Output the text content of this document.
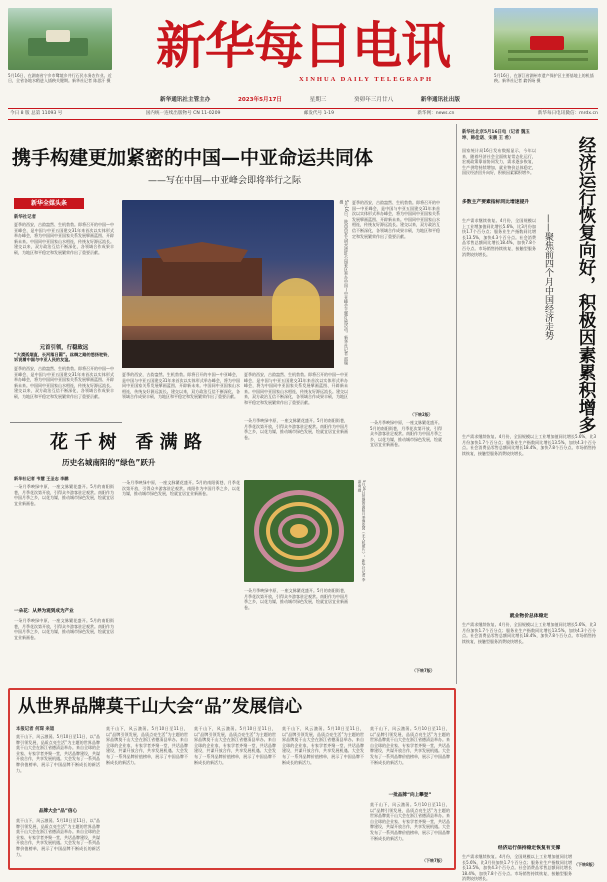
5月16日，在湖南省宁乡市鹭境乡井行石民水务农作业。近日，全省各地水稻进入插秧关键期。新华社记者 陈思汗 摄
5月16日，在浙江省湖州市遗产保护区主要基地上的机插秧。新华社记者 翁忻旸 摄
新华每日电讯
XINHUA DAILY TELEGRAPH
新华通讯社主管主办	2023年5月17日	星期三	癸卯年三月廿八	新华通讯社出版
今日 8 版 总第 11093 号	国内统一连续出版物号 CN 11-0209	邮发代号 1-19	新华网：news.cn	新华每日电讯微信：mrdx.cn
携手构建更加紧密的中国—中亚命运共同体
——写在中国—中亚峰会即将举行之际
新华全媒头条
新华社记者
夏季的西安，古韵盎然、生机勃勃。即将召开的中国—中亚峰会，是中国与中亚五国建交31年来首次以实体形式举办峰会，将为中国同中亚国家关系发展擘画蓝图、开辟新未来。中国同中亚国家山水相连，传统友好源远流长。建交以来，双方政治互信不断深化，各领域合作成果丰硕，为地区和平稳定和发展繁荣作出了重要贡献。
元首引领，行稳致远
“大漠孤烟直，长河落日圆”。丝绸之路的悠扬驼铃，诉说着中国与中亚人民的友谊。
夏季的西安，古韵盎然、生机勃勃。即将召开的中国—中亚峰会，是中国与中亚五国建交31年来首次以实体形式举办峰会，将为中国同中亚国家关系发展擘画蓝图、开辟新未来。中国同中亚国家山水相连，传统友好源远流长。建交以来，双方政治互信不断深化，各领域合作成果丰硕，为地区和平稳定和发展繁荣作出了重要贡献。
5月16日，陕西西安大明宫遗址公园景区举办中国—中亚峰会主题灯展活动。新华社记者 邵瑞 摄	夏季的西安，古韵盎然、生机勃勃。即将召开的中国—中亚峰会，是中国与中亚五国建交31年来首次以实体形式举办峰会，将为中国同中亚国家关系发展擘画蓝图、开辟新未来。中国同中亚国家山水相连，传统友好源远流长。建交以来，双方政治互信不断深化，各领域合作成果丰硕，为地区和平稳定和发展繁荣作出了重要贡献。
夏季的西安，古韵盎然、生机勃勃。即将召开的中国—中亚峰会，是中国与中亚五国建交31年来首次以实体形式举办峰会，将为中国同中亚国家关系发展擘画蓝图、开辟新未来。中国同中亚国家山水相连，传统友好源远流长。建交以来，双方政治互信不断深化，各领域合作成果丰硕，为地区和平稳定和发展繁荣作出了重要贡献。
夏季的西安，古韵盎然、生机勃勃。即将召开的中国—中亚峰会，是中国与中亚五国建交31年来首次以实体形式举办峰会，将为中国同中亚国家关系发展擘画蓝图、开辟新未来。中国同中亚国家山水相连，传统友好源远流长。建交以来，双方政治互信不断深化，各领域合作成果丰硕，为地区和平稳定和发展繁荣作出了重要贡献。
（下转2版）
花 千 树   香 满 路
历史名城南阳的“绿色”跃升
新华社记者 韦慧 王圣志 李鹏
一朵月季映绿中原，一座文脉繁花盛开。5月的南阳街巷，月季花次第开放，引得众多游客驻足观赏。南阳作为中国月季之乡，以花为媒，推动城市绿色发展，绘就宜居宜业新画卷。
一朵花：从养为观到成为产业
一朵月季映绿中原，一座文脉繁花盛开。5月的南阳街巷，月季花次第开放，引得众多游客驻足观赏。南阳作为中国月季之乡，以花为媒，推动城市绿色发展，绘就宜居宜业新画卷。
一朵月季映绿中原，一座文脉繁花盛开。5月的南阳街巷，月季花次第开放，引得众多游客驻足观赏。南阳作为中国月季之乡，以花为媒，推动城市绿色发展，绘就宜居宜业新画卷。
一朵月季映绿中原，一座文脉繁花盛开。5月的南阳街巷，月季花次第开放，引得众多游客驻足观赏。南阳作为中国月季之乡，以花为媒，推动城市绿色发展，绘就宜居宜业新画卷。
5月16日拍摄的南阳月季博览园（无人机照片）。新华社记者 李嘉南 摄
一朵月季映绿中原，一座文脉繁花盛开。5月的南阳街巷，月季花次第开放，引得众多游客驻足观赏。南阳作为中国月季之乡，以花为媒，推动城市绿色发展，绘就宜居宜业新画卷。
一朵月季映绿中原，一座文脉繁花盛开。5月的南阳街巷，月季花次第开放，引得众多游客驻足观赏。南阳作为中国月季之乡，以花为媒，推动城市绿色发展，绘就宜居宜业新画卷。
（下转7版）
从世界品牌莫干山大会“品”发展信心
本报记者 何琛 来道
莫干山下，风云激荡。5月10日至11日，以“品牌引领发展，品质点亮生活”为主题的世界品牌莫干山大会在浙江省德清县举办。来自全球的企业家、专家学者齐聚一堂，共话品牌建设，共谋开放合作，共享发展机遇。大会发布了一系列品牌价值榜单，展示了中国品牌不断成长的新活力。
品牌大会“品”信心
莫干山下，风云激荡。5月10日至11日，以“品牌引领发展，品质点亮生活”为主题的世界品牌莫干山大会在浙江省德清县举办。来自全球的企业家、专家学者齐聚一堂，共话品牌建设，共谋开放合作，共享发展机遇。大会发布了一系列品牌价值榜单，展示了中国品牌不断成长的新活力。
莫干山下，风云激荡。5月10日至11日，以“品牌引领发展，品质点亮生活”为主题的世界品牌莫干山大会在浙江省德清县举办。来自全球的企业家、专家学者齐聚一堂，共话品牌建设，共谋开放合作，共享发展机遇。大会发布了一系列品牌价值榜单，展示了中国品牌不断成长的新活力。
莫干山下，风云激荡。5月10日至11日，以“品牌引领发展，品质点亮生活”为主题的世界品牌莫干山大会在浙江省德清县举办。来自全球的企业家、专家学者齐聚一堂，共话品牌建设，共谋开放合作，共享发展机遇。大会发布了一系列品牌价值榜单，展示了中国品牌不断成长的新活力。
莫干山下，风云激荡。5月10日至11日，以“品牌引领发展，品质点亮生活”为主题的世界品牌莫干山大会在浙江省德清县举办。来自全球的企业家、专家学者齐聚一堂，共话品牌建设，共谋开放合作，共享发展机遇。大会发布了一系列品牌价值榜单，展示了中国品牌不断成长的新活力。
莫干山下，风云激荡。5月10日至11日，以“品牌引领发展，品质点亮生活”为主题的世界品牌莫干山大会在浙江省德清县举办。来自全球的企业家、专家学者齐聚一堂，共话品牌建设，共谋开放合作，共享发展机遇。大会发布了一系列品牌价值榜单，展示了中国品牌不断成长的新活力。
一批品牌“向上攀登”
莫干山下，风云激荡。5月10日至11日，以“品牌引领发展，品质点亮生活”为主题的世界品牌莫干山大会在浙江省德清县举办。来自全球的企业家、专家学者齐聚一堂，共话品牌建设，共谋开放合作，共享发展机遇。大会发布了一系列品牌价值榜单，展示了中国品牌不断成长的新活力。
（下转7版）
经济运行恢复向好，积极因素累积增多
——聚焦前四个月中国经济走势
新华社北京5月16日电（记者 魏玉坤、韩佳诺、宋晨 王 希）
国家统计局16日发布数据显示，今年以来，随着经济社会全面恢复常态化运行，宏观政策靠前协同发力，需求逐步恢复，生产供给持续增加，就业物价总体稳定，国民经济回升向好，积极因素累积增多。
多数主产要素指标同比增速提升
生产需求继续恢复。4月份，全国规模以上工业增加值同比增长5.6%，比3月份加快1.7个百分点；服务业生产指数同比增长13.5%，加快4.3个百分点。社会消费品零售总额同比增长18.4%，加快7.8个百分点。市场销售持续恢复，接触型服务消费较快增长。
生产需求继续恢复。4月份，全国规模以上工业增加值同比增长5.6%，比3月份加快1.7个百分点；服务业生产指数同比增长13.5%，加快4.3个百分点。社会消费品零售总额同比增长18.4%，加快7.8个百分点。市场销售持续恢复，接触型服务消费较快增长。
就业物价总体稳定
生产需求继续恢复。4月份，全国规模以上工业增加值同比增长5.6%，比3月份加快1.7个百分点；服务业生产指数同比增长13.5%，加快4.3个百分点。社会消费品零售总额同比增长18.4%，加快7.8个百分点。市场销售持续恢复，接触型服务消费较快增长。
经济运行保持稳定恢复有支撑
生产需求继续恢复。4月份，全国规模以上工业增加值同比增长5.6%，比3月份加快1.7个百分点；服务业生产指数同比增长13.5%，加快4.3个百分点。社会消费品零售总额同比增长18.4%，加快7.8个百分点。市场销售持续恢复，接触型服务消费较快增长。
（下转8版）
